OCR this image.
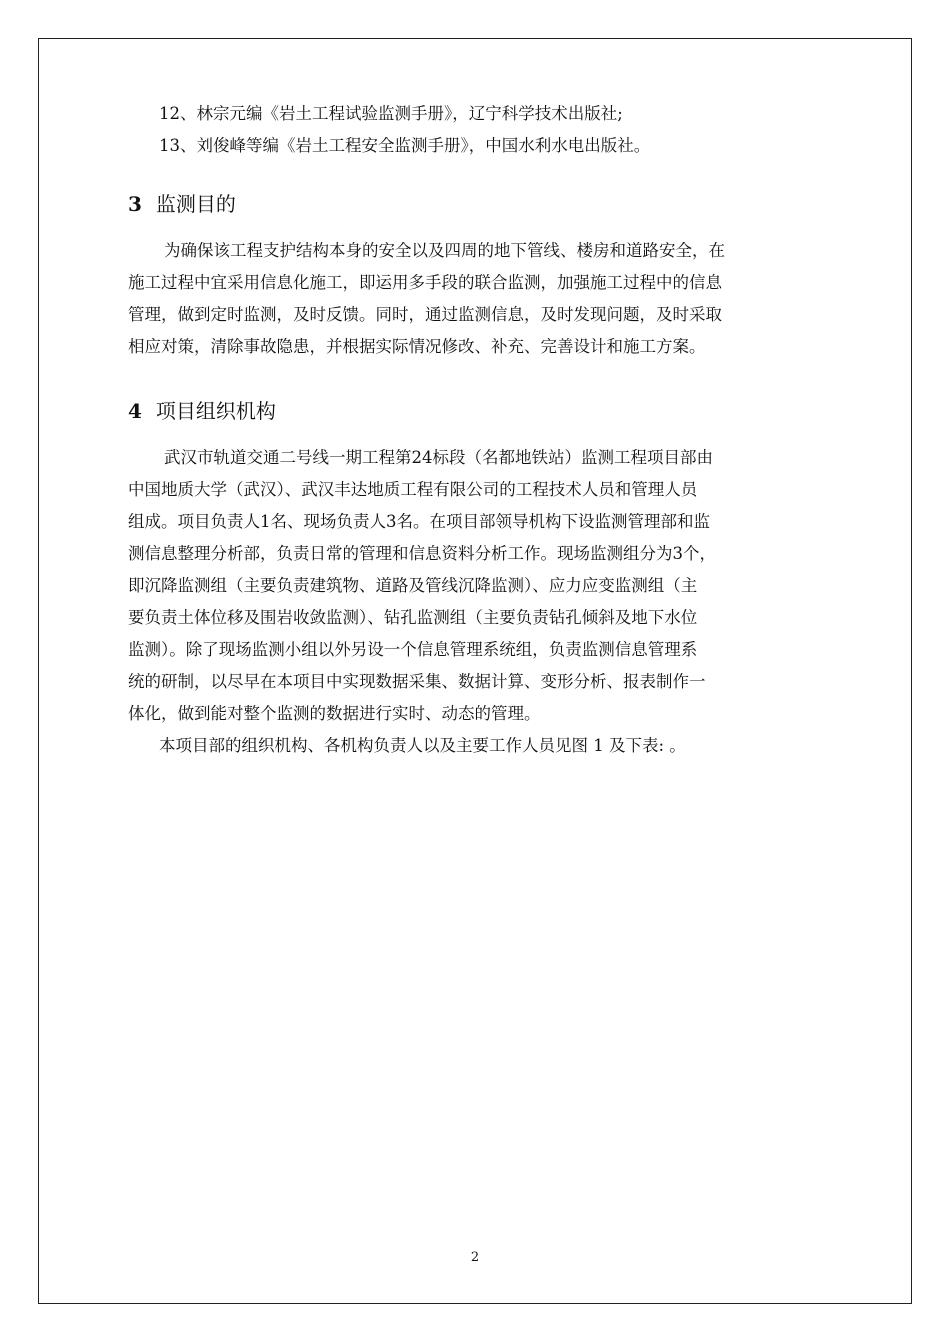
12、林宗元编《岩土工程试验监测手册》，辽宁科学技术出版社;
13、刘俊峰等编《岩土工程安全监测手册》，中国水利水电出版社。
3 监测目的

为确保该工程支护结构本身的安全以及四周的地下管线、楼房和道路安全，在
施工过程中宜采用信息化施工，即运用多手段的联合监测，加强施工过程中的信息
管理，做到定时监测，及时反馈。同时，通过监测信息，及时发现问题，及时采取
相应对策，清除事故隐患，并根据实际情况修改、补充、完善设计和施工方案。

4 项目组织机构

武汉市轨道交通二号线一期工程第24标段（名都地铁站）监测工程项目部由
中国地质大学（武汉）、武汉丰达地质工程有限公司的工程技术人员和管理人员
组成。项目负责人1名、现场负责人3名。在项目部领导机构下设监测管理部和监
测信息整理分析部，负责日常的管理和信息资料分析工作。现场监测组分为3个，
即沉降监测组（主要负责建筑物、道路及管线沉降监测）、应力应变监测组（主
要负责土体位移及围岩收敛监测）、钻孔监测组（主要负责钻孔倾斜及地下水位
监测）。除了现场监测小组以外另设一个信息管理系统组，负责监测信息管理系
统的研制，以尽早在本项目中实现数据采集、数据计算、变形分析、报表制作一
体化，做到能对整个监测的数据进行实时、动态的管理。

本项目部的组织机构、各机构负责人以及主要工作人员见图 1 及下表: 。

2
